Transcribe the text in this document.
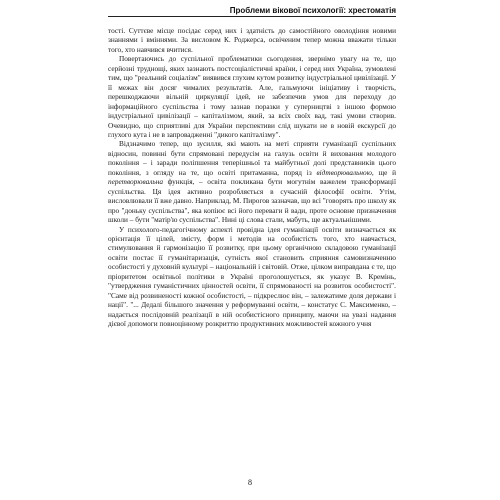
Проблеми вікової психології: хрестоматія

тості. Суттєве місце посідає серед них і здатність до самостійного оволодіння новими знаннями і вміннями. За висловом К. Роджерса, освіченим тепер можна вважати тільки того, хто навчився вчитися.

Повертаючись до суспільної проблематики сьогодення, звернімо увагу на те, що серйозні труднощі, яких зазнають постсоціалістичні країни, і серед них Україна, зумовлені тим, що "реальний соціалізм" виявився глухим кутом розвитку індустріальної цивілізації. У її межах він досяг чималих результатів. Але, гальмуючи ініціативу і творчість, перешкоджаючи вільній циркуляції ідей, не забезпечив умов для переходу до інформаційного суспільства і тому зазнав поразки у суперництві з іншою формою індустріальної цивілізації – капіталізмом, який, за всіх своїх вад, такі умови створив. Очевидно, що сприятливі для України перспективи слід шукати не в новій екскурсії до глухого кута і не в запровадженні "дикого капіталізму".

Відзначимо тепер, що зусилля, які мають на меті сприяти гуманізації суспільних відносин, повинні бути спрямовані передусім на галузь освіти й виховання молодого покоління – і заради поліпшення теперішньої та майбутньої долі представників цього покоління, з огляду на те, що освіті притаманна, поряд із відтворювальною, ще й перетворювальна функція, – освіта покликана бути могутнім важелем трансформації суспільства. Ця ідея активно розробляється в сучасній філософії освіти. Утім, висловлювали її вже давно. Наприклад, М. Пирогов зазначав, що всі "говорять про школу як про "доньку суспільства", яка копіює всі його переваги й вади, проте основне призначення школи – бути "матір'ю суспільства". Нині ці слова стали, мабуть, ще актуальнішими.

У психолого-педагогічному аспекті провідна ідея гуманізації освіти визначається як орієнтація її цілей, змісту, форм і методів на особистість того, хто навчається, стимулювання й гармонізацію її розвитку, при цьому органічною складовою гуманізації освіти постає її гуманітаризація, сутність якої становить сприяння самовизначенню особистості у духовній культурі – національній і світовій. Отже, цілком виправдана є те, що пріоритетом освітньої політики в Україні проголошується, як указує В. Кремінь, "утвердження гуманістичних цінностей освіти, її спрямованості на розвиток особистості". "Саме від розвиненості кожної особистості, – підкреслює він, – залежатиме доля держави і нації". "... Дедалі більшого значення у реформуванні освіти, – констатує С. Максименко, – надається послідовній реалізації в ній особистісного принципу, маючи на увазі надання дієвої допомоги повноцінному розкриттю продуктивних можливостей кожного учня

8
